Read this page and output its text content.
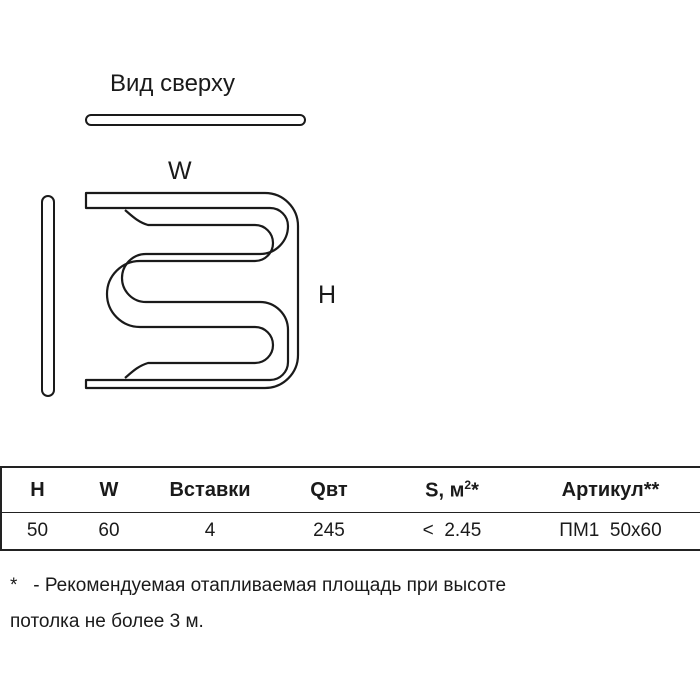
Вид сверху
W
H
H	W	Вставки	Qвт	S, $м^2*$	Артикул**
50	60	4	245	<  2.45	ПМ1  50x60
*   - Рекомендуемая отапливаемая площадь при высоте
потолка не более 3 м.
